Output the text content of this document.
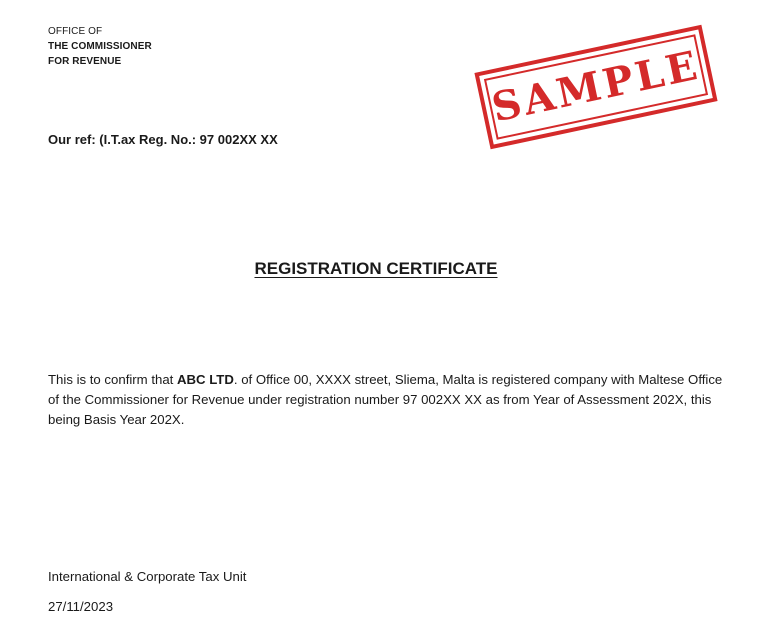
OFFICE OF
THE COMMISSIONER
FOR REVENUE	SAMPLE
Our ref: (I.T.ax Reg. No.: 97 002XX XX
REGISTRATION CERTIFICATE
This is to confirm that ABC LTD. of Office 00, XXXX street, Sliema, Malta is registered company with Maltese Office of the Commissioner for Revenue under registration number 97 002XX XX as from Year of Assessment 202X, this being Basis Year 202X.
International & Corporate Tax Unit
27/11/2023
